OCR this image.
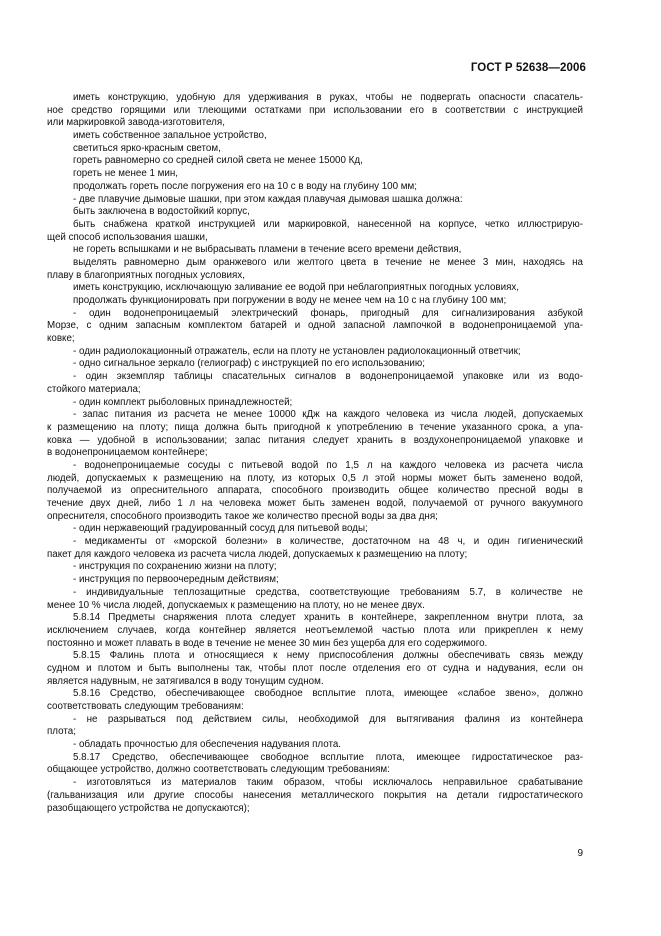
ГОСТ Р 52638—2006
иметь конструкцию, удобную для удерживания в руках, чтобы не подвергать опасности спасатель-
ное средство горящими или тлеющими остатками при использовании его в соответствии с инструкцией
или маркировкой завода-изготовителя,
иметь собственное запальное устройство,
светиться ярко-красным светом,
гореть равномерно со средней силой света не менее 15000 Кд,
гореть не менее 1 мин,
продолжать гореть после погружения его на 10 с в воду на глубину 100 мм;
- две плавучие дымовые шашки, при этом каждая плавучая дымовая шашка должна:
быть заключена в водостойкий корпус,
быть снабжена краткой инструкцией или маркировкой, нанесенной на корпусе, четко иллюстрирую-
щей способ использования шашки,
не гореть вспышками и не выбрасывать пламени в течение всего времени действия,
выделять равномерно дым оранжевого или желтого цвета в течение не менее 3 мин, находясь на
плаву в благоприятных погодных условиях,
иметь конструкцию, исключающую заливание ее водой при неблагоприятных погодных условиях,
продолжать функционировать при погружении в воду не менее чем на 10 с на глубину 100 мм;
- один водонепроницаемый электрический фонарь, пригодный для сигнализирования азбукой
Морзе, с одним запасным комплектом батарей и одной запасной лампочкой в водонепроницаемой упа-
ковке;
- один радиолокационный отражатель, если на плоту не установлен радиолокационный ответчик;
- одно сигнальное зеркало (гелиограф) с инструкцией по его использованию;
- один экземпляр таблицы спасательных сигналов в водонепроницаемой упаковке или из водо-
стойкого материала;
- один комплект рыболовных принадлежностей;
- запас питания из расчета не менее 10000 кДж на каждого человека из числа людей, допускаемых
к размещению на плоту; пища должна быть пригодной к употреблению в течение указанного срока, а упа-
ковка — удобной в использовании; запас питания следует хранить в воздухонепроницаемой упаковке и
в водонепроницаемом контейнере;
- водонепроницаемые сосуды с питьевой водой по 1,5 л на каждого человека из расчета числа
людей, допускаемых к размещению на плоту, из которых 0,5 л этой нормы может быть заменено водой,
получаемой из опреснительного аппарата, способного производить общее количество пресной воды в
течение двух дней, либо 1 л на человека может быть заменен водой, получаемой от ручного вакуумного
опреснителя, способного производить такое же количество пресной воды за два дня;
- один нержавеющий градуированный сосуд для питьевой воды;
- медикаменты от «морской болезни» в количестве, достаточном на 48 ч, и один гигиенический
пакет для каждого человека из расчета числа людей, допускаемых к размещению на плоту;
- инструкция по сохранению жизни на плоту;
- инструкция по первоочередным действиям;
- индивидуальные теплозащитные средства, соответствующие требованиям 5.7, в количестве не
менее 10 % числа людей, допускаемых к размещению на плоту, но не менее двух.
5.8.14 Предметы снаряжения плота следует хранить в контейнере, закрепленном внутри плота, за
исключением случаев, когда контейнер является неотъемлемой частью плота или прикреплен к нему
постоянно и может плавать в воде в течение не менее 30 мин без ущерба для его содержимого.
5.8.15 Фалинь плота и относящиеся к нему приспособления должны обеспечивать связь между
судном и плотом и быть выполнены так, чтобы плот после отделения его от судна и надувания, если он
является надувным, не затягивался в воду тонущим судном.
5.8.16 Средство, обеспечивающее свободное всплытие плота, имеющее «слабое звено», должно
соответствовать следующим требованиям:
- не разрываться под действием силы, необходимой для вытягивания фалиня из контейнера
плота;
- обладать прочностью для обеспечения надувания плота.
5.8.17 Средство, обеспечивающее свободное всплытие плота, имеющее гидростатическое раз-
общающее устройство, должно соответствовать следующим требованиям:
- изготовляться из материалов таким образом, чтобы исключалось неправильное срабатывание
(гальванизация или другие способы нанесения металлического покрытия на детали гидростатического
разобщающего устройства не допускаются);
9
